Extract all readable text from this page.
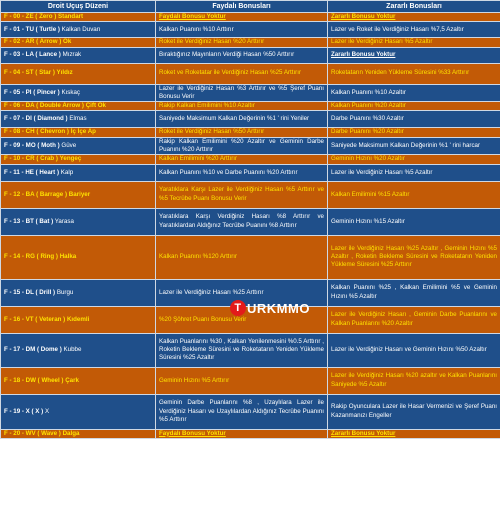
Droit Uçuş Düzeni	Faydalı Bonusları	Zararlı Bonusları
F - 00 - ZE ( Zero ) Standart	Faydalı Bonusu Yoktur	Zararlı Bonusu Yoktur
F - 01 - TU ( Turtle ) Kalkan Duvarı	Kalkan Puanını %10 Arttırır	Lazer ve Roket ile Verdiğiniz Hasarı %7,5 Azaltır
F - 02 - AR ( Arrow ) Ok	Roket ile Verdiğiniz Hasarı %20 Arttırır	Lazer ile Verdiğiniz Hasarı %5 Azaltır
F - 03 - LA ( Lance ) Mızrak	Bıraktığınız Mayınların Verdiği Hasarı %50 Arttırır	Zararlı Bonusu Yoktur
F - 04 - ST ( Star ) Yıldız	Roket ve Roketatar ile Verdiğiniz Hasarı %25 Arttırır	Roketatarın Yeniden Yükleme Süresini %33 Arttırır
F - 05 - PI ( Pincer ) Kıskaç	Lazer ile Verdiğiniz Hasarı %3 Arttırır ve %5 Şeref Puanı Bonusu Verir	Kalkan Puanını %10 Azaltır
F - 06 - DA ( Double Arrow ) Çift Ok	Rakip Kalkan Emilimini %10 Azaltır	Kalkan Puanını %20 Azaltır
F - 07 - DI ( Diamond ) Elmas	Saniyede Maksimum Kalkan Değerinin %1 ' rini Yeniler	Darbe Puanını %30 Azaltır
F - 08 - CH ( Chevron ) İç İçe Ap	Roket ile Verdiğiniz Hasarı %50 Arttırır	Darbe Puanını %20 Azaltır
F - 09 - MO ( Moth ) Güve	Rakip Kalkan Emilimini %20 Azaltır ve Geminin Darbe Puanını %20 Arttırır	Saniyede Maksimum Kalkan Değerinin %1 ' rini harcar
F - 10 - CR ( Crab ) Yengeç	Kalkan Emilimini %20 Arttırır	Geminin Hızını %20 Azaltır
F - 11 - HE ( Heart ) Kalp	Kalkan Puanını %10 ve Darbe Puanını %20 Arttırır	Lazer ile Verdiğiniz Hasarı %5 Azaltır
F - 12 - BA ( Barrage ) Bariyer	Yaratıklara Karşı Lazer ile Verdiğiniz Hasarı %5 Arttırır ve %5 Tecrübe Puanı Bonusu Verir	Kalkan Emilimini %15 Azaltır
F - 13 - BT ( Bat ) Yarasa	Yaratıklara Karşı Verdiğiniz Hasarı %8 Arttırır ve Yaratıklardan Aldığınız Tecrübe Puanını %8 Arttırır	Geminin Hızını %15 Azaltır
F - 14 - RG ( Ring ) Halka	Kalkan Puanını %120 Arttırır	Lazer ile Verdiğiniz Hasarı %25 Azaltır , Geminin Hızını %5 Azaltır , Roketin Bekleme Süresini ve Roketatarın Yeniden Yükleme Süresini %25 Arttırır
F - 15 - DL ( Drill ) Burgu	Lazer ile Verdiğiniz Hasarı %25 Arttırır	Kalkan Puanını %25 , Kalkan Emilimini %5 ve Geminin Hızını %5 Azaltır
F - 16 - VT ( Veteran ) Kıdemli	%20 Şöhret Puanı Bonusu Verir	Lazer ile Verdiğiniz Hasarı , Geminin Darbe Puanlarını ve Kalkan Puanlarını %20 Azaltır
F - 17 - DM ( Dome ) Kubbe	Kalkan Puanlarını %30 , Kalkan Yenilenmesini %0.5 Arttırır , Roketin Bekleme Süresini ve Roketatarın Yeniden Yükleme Süresini %25 Azaltır	Lazer ile Verdiğiniz Hasarı ve Geminin Hızını %50 Azaltır
F - 18 - DW ( Wheel ) Çark	Geminin Hızını %5 Arttırır	Lazer ile Verdiğiniz Hasarı %20 azaltır ve Kalkan Puanlarını Saniyede %5 Azaltır
F - 19 - X ( X ) X	Geminin Darbe Puanlarını %8 , Uzaylılara Lazer ile Verdiğiniz Hasarı ve Uzaylılardan Aldığınız Tecrübe Puanını %5 Arttırır	Rakip Oyunculara Lazer ile Hasar Vermenizi ve Şeref Puanı Kazanmanızı Engeller
F - 20 - WV ( Wave ) Dalga	Faydalı Bonusu Yoktur	Zararlı Bonusu Yoktur
T URKMMO
